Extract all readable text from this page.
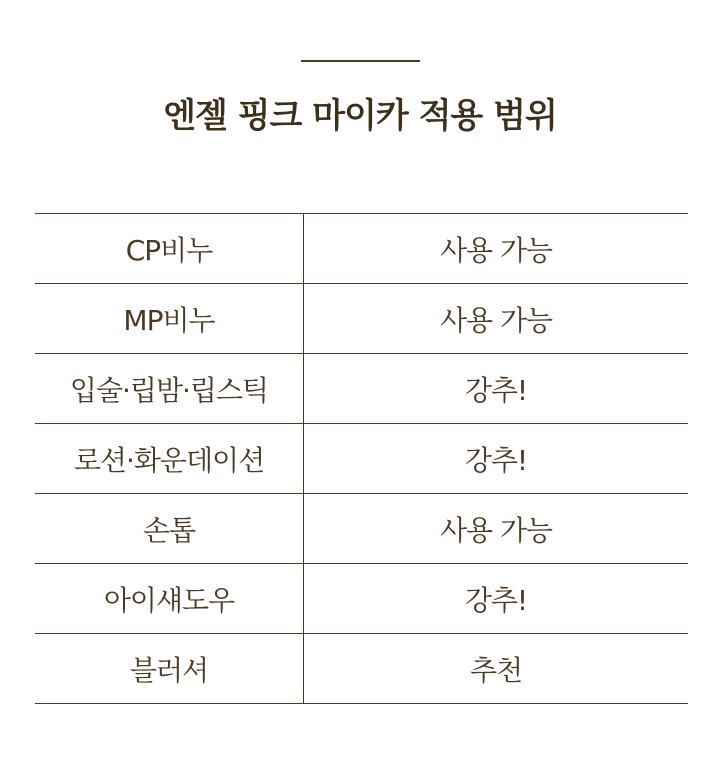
엔젤 핑크 마이카 적용 범위
CP비누	사용 가능
MP비누	사용 가능
입술·립밤·립스틱	강추!
로션·화운데이션	강추!
손톱	사용 가능
아이섀도우	강추!
블러셔	추천
